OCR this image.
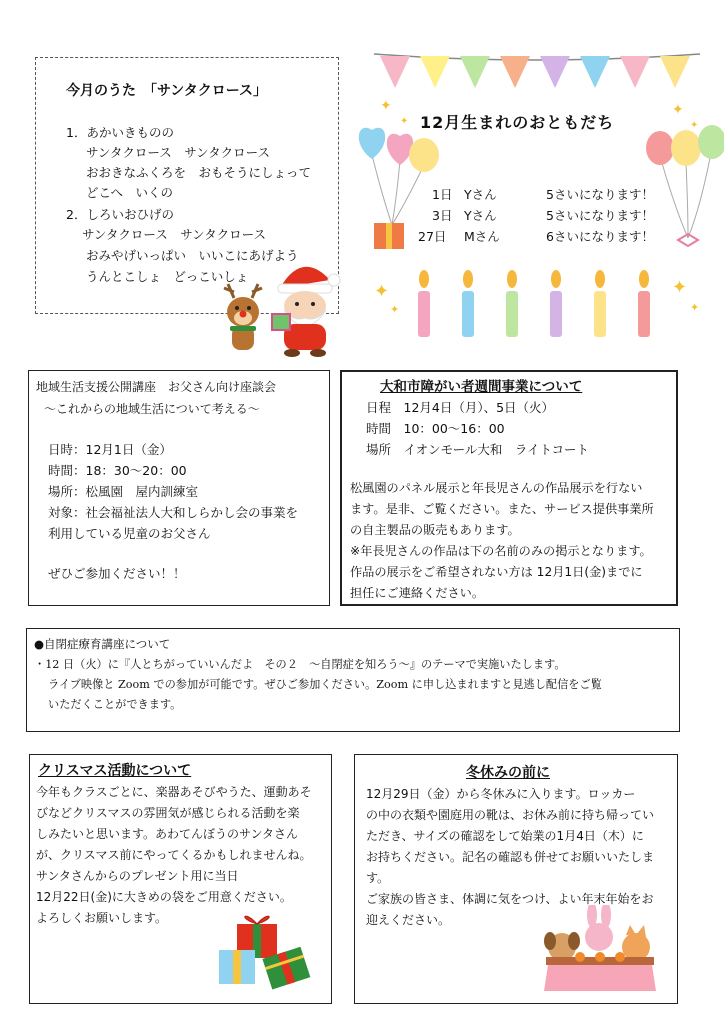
今月のうた　「サンタクロース」
1．あかいきものの
サンタクロース　サンタクロース
おおきなふくろを　おもそうにしょって
どこへ　いくの
2．しろいおひげの
サンタクロース　サンタクロース
おみやげいっぱい　いいこにあげよう
うんとこしょ　どっこいしょ
✦
✦
✦
✦
12月生まれのおともだち
1日 Yさん	5さいになります！
3日 Yさん	5さいになります！
27日 Mさん	6さいになります！
✦
✦
✦
✦
地域生活支援公開講座　お父さん向け座談会
～これからの地域生活について考える～
日時：12月1日（金）
時間：18：30～20：00
場所：松風園　屋内訓練室
対象：社会福祉法人大和しらかし会の事業を
利用している児童のお父さん
ぜひご参加ください！！
大和市障がい者週間事業について
日程　12月4日（月）、5日（火）
時間　10：00～16：00
場所　イオンモール大和　ライトコート
松風園のパネル展示と年長児さんの作品展示を行ない
ます。是非、ご覧ください。また、サービス提供事業所
の自主製品の販売もあります。
※年長児さんの作品は下の名前のみの掲示となります。
作品の展示をご希望されない方は 12月1日(金)までに
担任にご連絡ください。
●自閉症療育講座について
・12 日（火）に『人とちがっていいんだよ　その２　～自閉症を知ろう～』のテーマで実施いたします。
ライブ映像と Zoom での参加が可能です。ぜひご参加ください。Zoom に申し込まれますと見逃し配信をご覧
いただくことができます。
クリスマス活動について
今年もクラスごとに、楽器あそびやうた、運動あそ
びなどクリスマスの雰囲気が感じられる活動を楽
しみたいと思います。あわてんぼうのサンタさん
が、クリスマス前にやってくるかもしれませんね。
サンタさんからのプレゼント用に当日
12月22日(金)に大きめの袋をご用意ください。
よろしくお願いします。
冬休みの前に
12月29日（金）から冬休みに入ります。ロッカー
の中の衣類や園庭用の靴は、お休み前に持ち帰ってい
ただき、サイズの確認をして始業の1月4日（木）に
お持ちください。記名の確認も併せてお願いいたしま
す。
ご家族の皆さま、体調に気をつけ、よい年末年始をお
迎えください。
